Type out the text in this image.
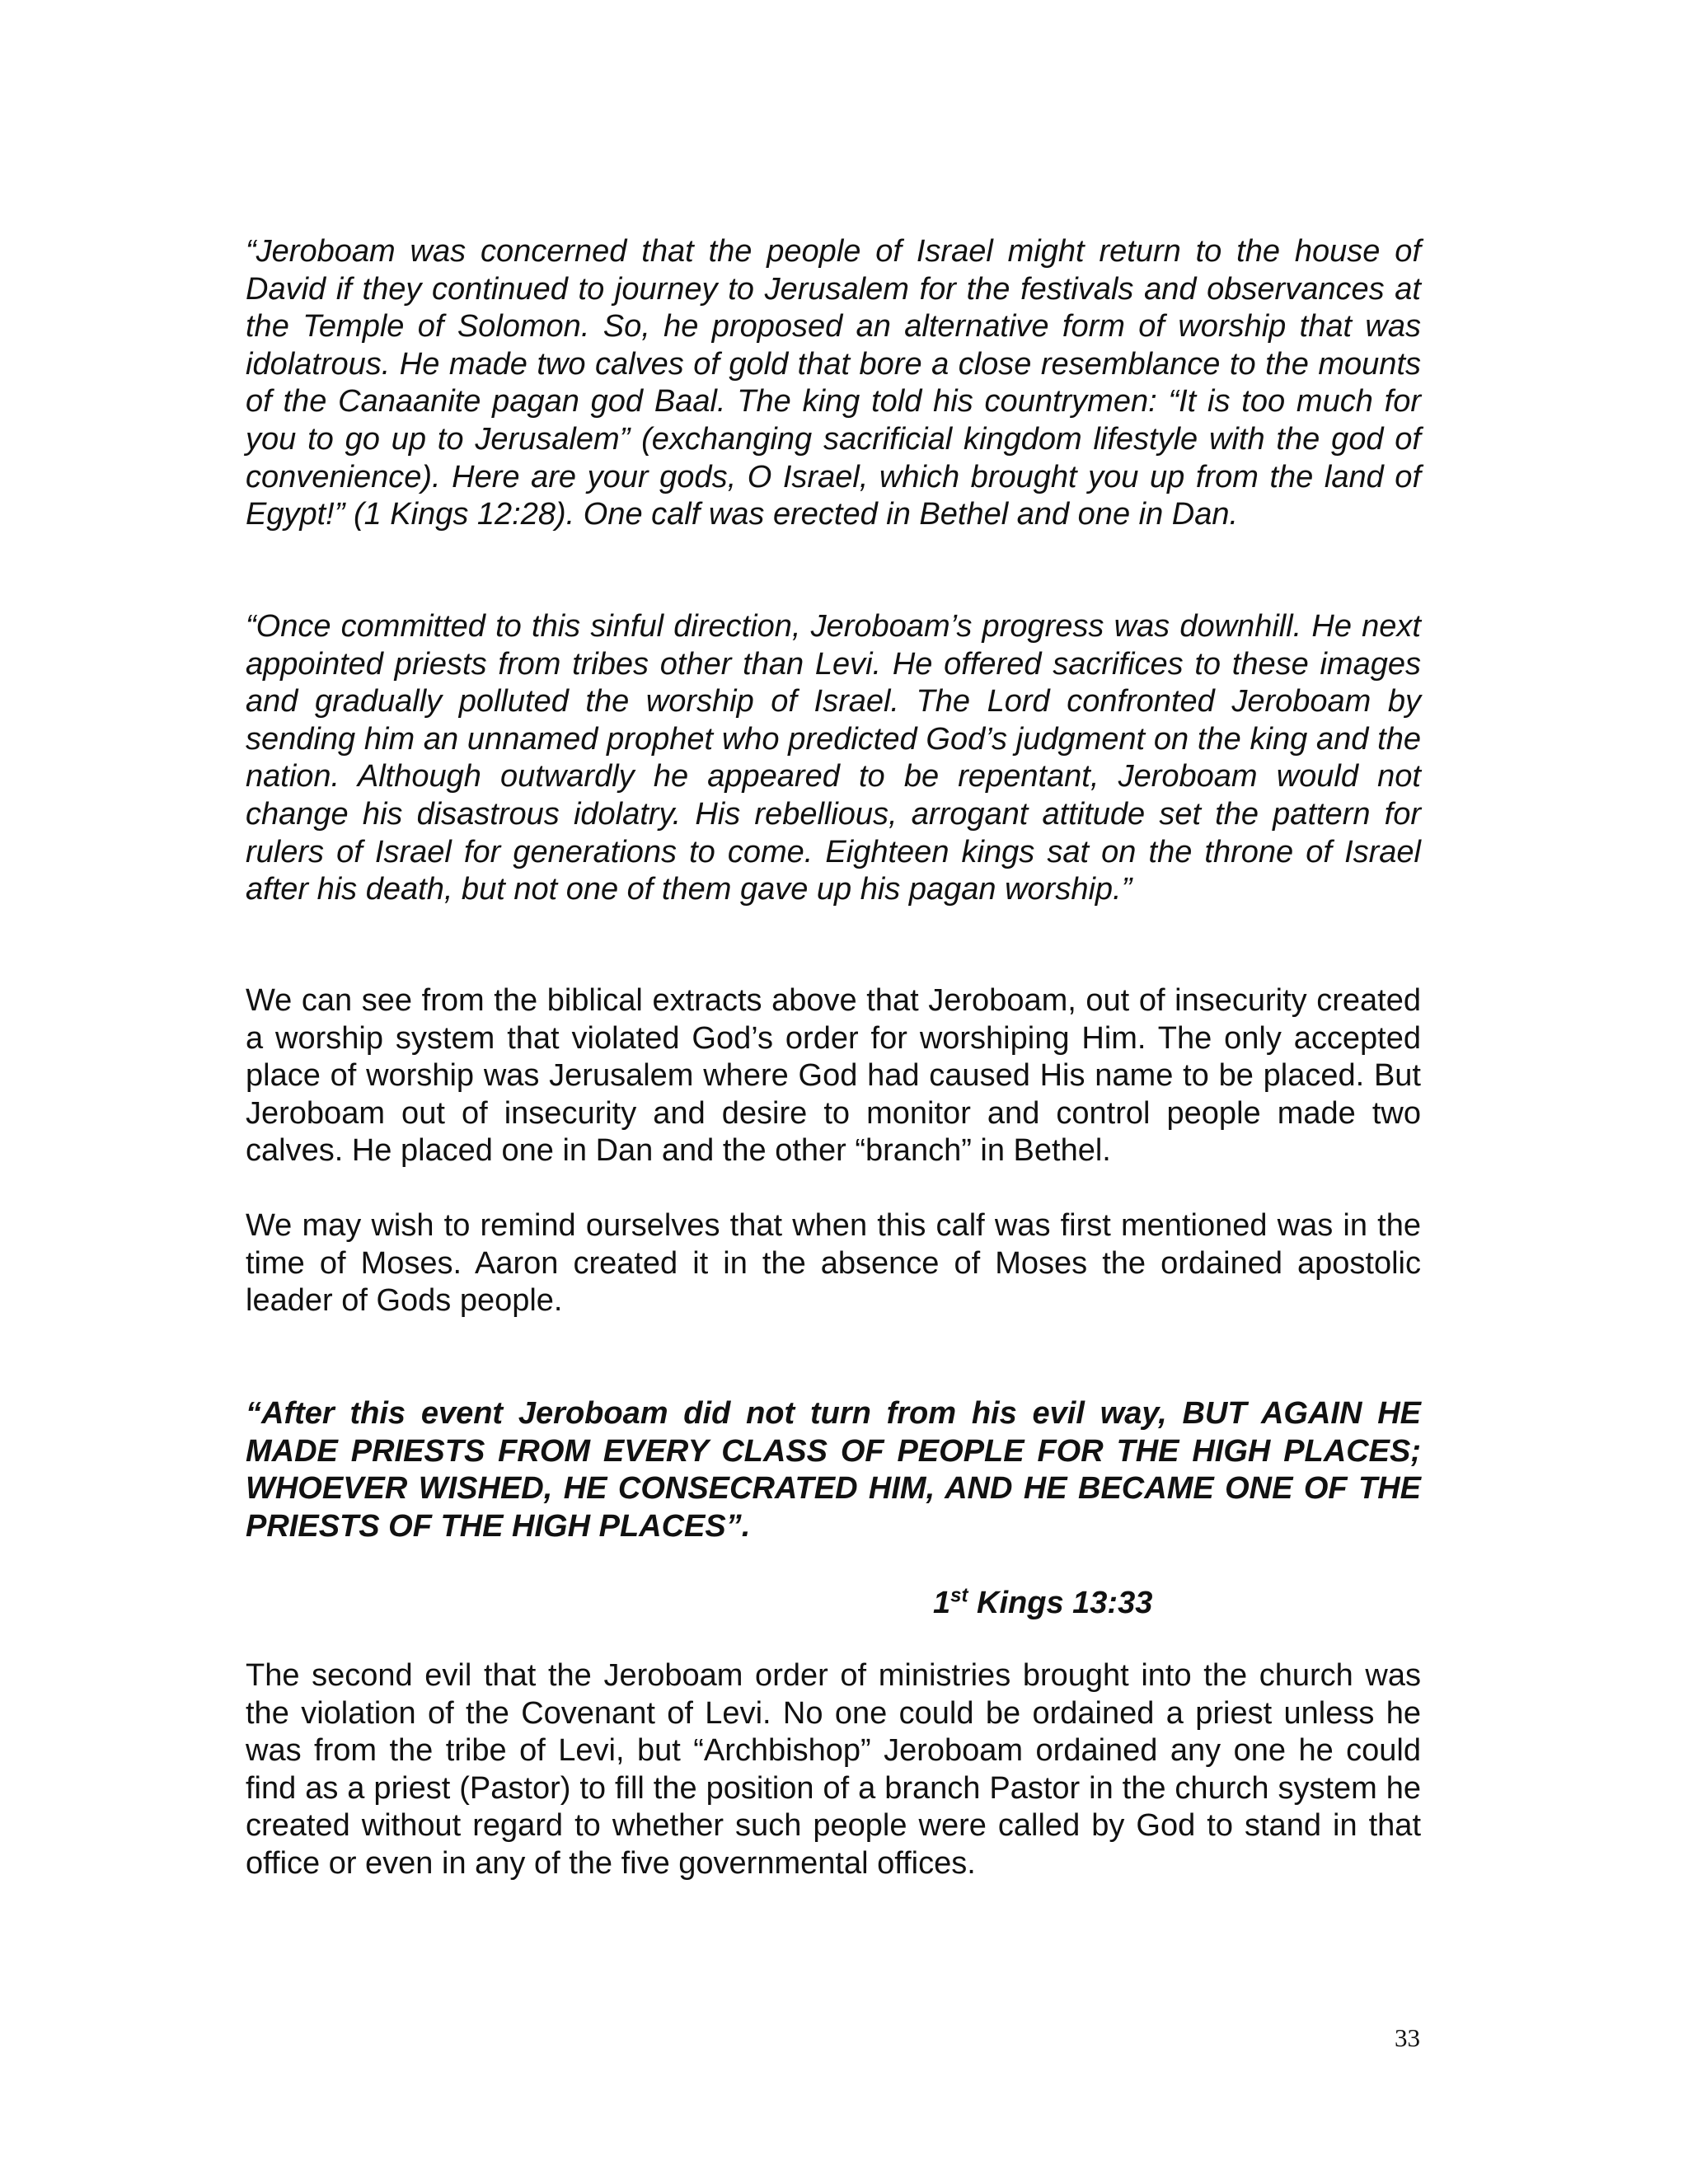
“Jeroboam was concerned that the people of Israel might return to the house of David if they continued to journey to Jerusalem for the festivals and observances at the Temple of Solomon. So, he proposed an alternative form of worship that was idolatrous. He made two calves of gold that bore a close resemblance to the mounts of the Canaanite pagan god Baal. The king told his countrymen: “It is too much for you to go up to Jerusalem” (exchanging sacrificial kingdom lifestyle with the god of convenience). Here are your gods, O Israel, which brought you up from the land of Egypt!” (1 Kings 12:28). One calf was erected in Bethel and one in Dan.

“Once committed to this sinful direction, Jeroboam’s progress was downhill. He next appointed priests from tribes other than Levi. He offered sacrifices to these images and gradually polluted the worship of Israel. The Lord confronted Jeroboam by sending him an unnamed prophet who predicted God’s judgment on the king and the nation. Although outwardly he appeared to be repentant, Jeroboam would not change his disastrous idolatry. His rebellious, arrogant attitude set the pattern for rulers of Israel for generations to come. Eighteen kings sat on the throne of Israel after his death, but not one of them gave up his pagan worship.”

We can see from the biblical extracts above that Jeroboam, out of insecurity created a worship system that violated God’s order for worshiping Him. The only accepted place of worship was Jerusalem where God had caused His name to be placed. But Jeroboam out of insecurity and desire to monitor and control people made two calves. He placed one in Dan and the other “branch” in Bethel.

We may wish to remind ourselves that when this calf was first mentioned was in the time of Moses. Aaron created it in the absence of Moses the ordained apostolic leader of Gods people.

“After this event Jeroboam did not turn from his evil way, BUT AGAIN HE MADE PRIESTS FROM EVERY CLASS OF PEOPLE FOR THE HIGH PLACES; WHOEVER WISHED, HE CONSECRATED HIM, AND HE BECAME ONE OF THE PRIESTS OF THE HIGH PLACES”.

1st Kings 13:33

The second evil that the Jeroboam order of ministries brought into the church was the violation of the Covenant of Levi. No one could be ordained a priest unless he was from the tribe of Levi, but “Archbishop” Jeroboam ordained any one he could find as a priest (Pastor) to fill the position of a branch Pastor in the church system he created without regard to whether such people were called by God to stand in that office or even in any of the five governmental offices.

33
